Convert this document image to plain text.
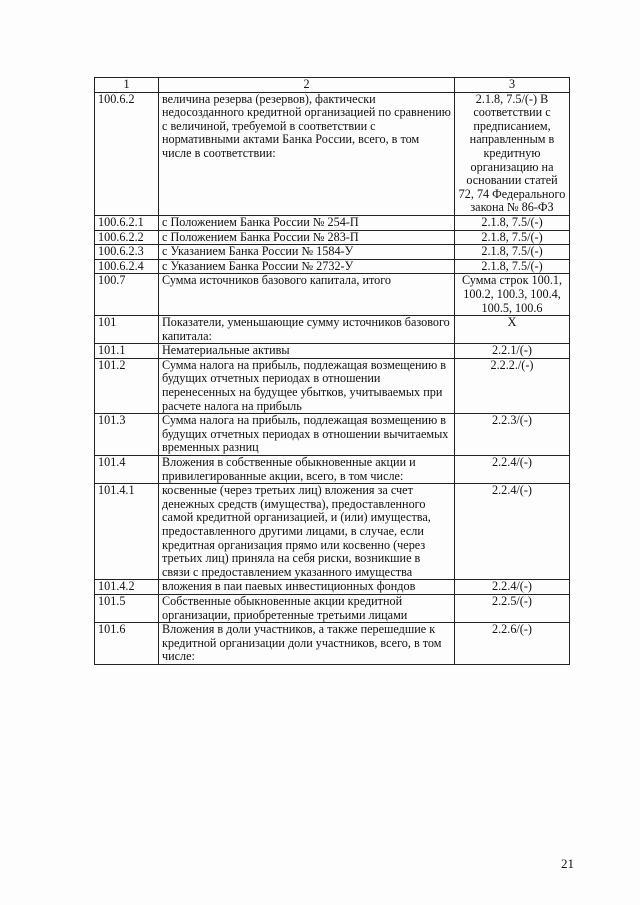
1	2	3
100.6.2	величина резерва (резервов), фактически недосозданного кредитной организацией по сравнению с величиной, требуемой в соответствии с нормативными актами Банка России, всего, в том числе в соответствии:	2.1.8, 7.5/(-) В соответствии с предписанием, направленным в кредитную организацию на основании статей 72, 74 Федерального закона № 86-ФЗ
100.6.2.1	с Положением Банка России № 254-П	2.1.8, 7.5/(-)
100.6.2.2	с Положением Банка России № 283-П	2.1.8, 7.5/(-)
100.6.2.3	с Указанием Банка России № 1584-У	2.1.8, 7.5/(-)
100.6.2.4	с Указанием Банка России № 2732-У	2.1.8, 7.5/(-)
100.7	Сумма источников базового капитала, итого	Сумма строк 100.1, 100.2, 100.3, 100.4, 100.5, 100.6
101	Показатели, уменьшающие сумму источников базового капитала:	X
101.1	Нематериальные активы	2.2.1/(-)
101.2	Сумма налога на прибыль, подлежащая возмещению в будущих отчетных периодах в отношении перенесенных на будущее убытков, учитываемых при расчете налога на прибыль	2.2.2./(-)
101.3	Сумма налога на прибыль, подлежащая возмещению в будущих отчетных периодах в отношении вычитаемых временных разниц	2.2.3/(-)
101.4	Вложения в собственные обыкновенные акции и привилегированные акции, всего, в том числе:	2.2.4/(-)
101.4.1	косвенные (через третьих лиц) вложения за счет денежных средств (имущества), предоставленного самой кредитной организацией, и (или) имущества, предоставленного другими лицами, в случае, если кредитная организация прямо или косвенно (через третьих лиц) приняла на себя риски, возникшие в связи с предоставлением указанного имущества	2.2.4/(-)
101.4.2	вложения в паи паевых инвестиционных фондов	2.2.4/(-)
101.5	Собственные обыкновенные акции кредитной организации, приобретенные третьими лицами	2.2.5/(-)
101.6	Вложения в доли участников, а также перешедшие к кредитной организации доли участников, всего, в том числе:	2.2.6/(-)
21
